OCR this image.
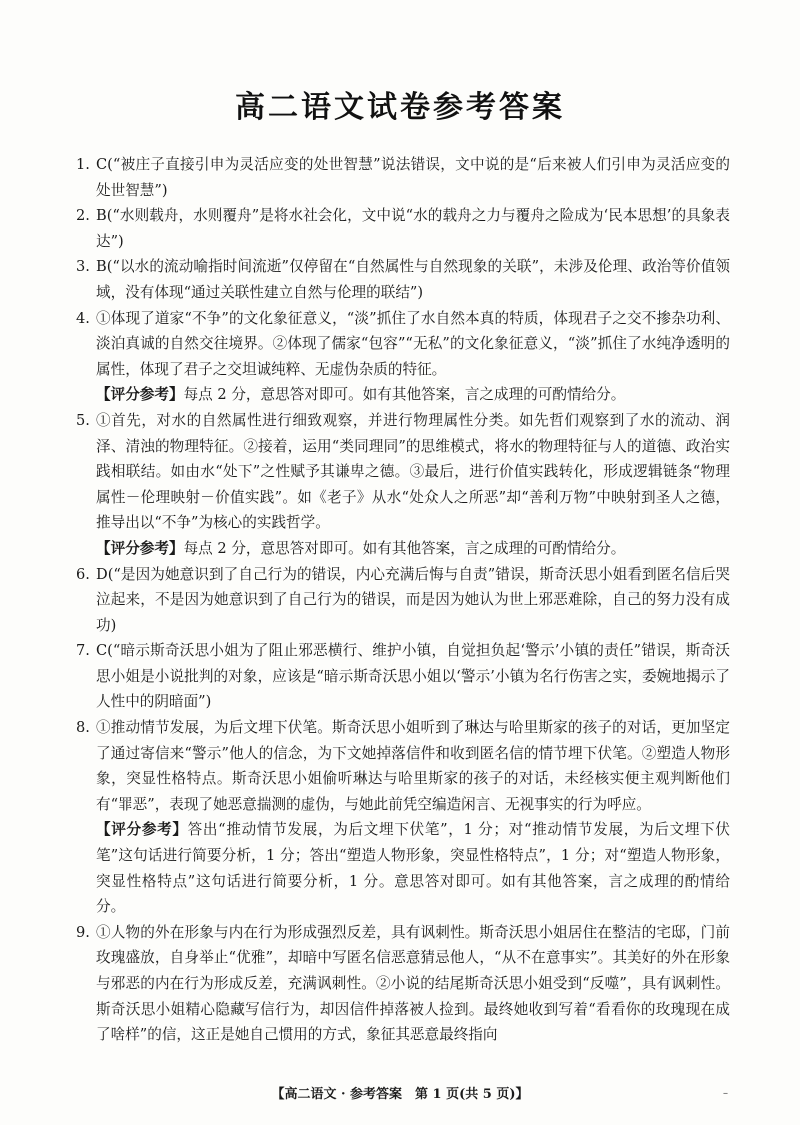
高二语文试卷参考答案
1. C(“被庄子直接引申为灵活应变的处世智慧”说法错误，文中说的是“后来被人们引申为灵活应变的处世智慧”)
2. B(“水则载舟，水则覆舟”是将水社会化，文中说“水的载舟之力与覆舟之险成为‘民本思想’的具象表达”)
3. B(“以水的流动喻指时间流逝”仅停留在“自然属性与自然现象的关联”，未涉及伦理、政治等价值领域，没有体现“通过关联性建立自然与伦理的联结”)
4. ①体现了道家“不争”的文化象征意义，“淡”抓住了水自然本真的特质，体现君子之交不掺杂功利、淡泊真诚的自然交往境界。②体现了儒家“包容”“无私”的文化象征意义，“淡”抓住了水纯净透明的属性，体现了君子之交坦诚纯粹、无虚伪杂质的特征。
【评分参考】每点 2 分，意思答对即可。如有其他答案，言之成理的可酌情给分。
5. ①首先，对水的自然属性进行细致观察，并进行物理属性分类。如先哲们观察到了水的流动、润泽、清浊的物理特征。②接着，运用“类同理同”的思维模式，将水的物理特征与人的道德、政治实践相联结。如由水“处下”之性赋予其谦卑之德。③最后，进行价值实践转化，形成逻辑链条“物理属性－伦理映射－价值实践”。如《老子》从水“处众人之所恶”却“善利万物”中映射到圣人之德，推导出以“不争”为核心的实践哲学。
【评分参考】每点 2 分，意思答对即可。如有其他答案，言之成理的可酌情给分。
6. D(“是因为她意识到了自己行为的错误，内心充满后悔与自责”错误，斯奇沃思小姐看到匿名信后哭泣起来，不是因为她意识到了自己行为的错误，而是因为她认为世上邪恶难除，自己的努力没有成功)
7. C(“暗示斯奇沃思小姐为了阻止邪恶横行、维护小镇，自觉担负起‘警示’小镇的责任”错误，斯奇沃思小姐是小说批判的对象，应该是“暗示斯奇沃思小姐以‘警示’小镇为名行伤害之实，委婉地揭示了人性中的阴暗面”)
8. ①推动情节发展，为后文埋下伏笔。斯奇沃思小姐听到了琳达与哈里斯家的孩子的对话，更加坚定了通过寄信来“警示”他人的信念，为下文她掉落信件和收到匿名信的情节埋下伏笔。②塑造人物形象，突显性格特点。斯奇沃思小姐偷听琳达与哈里斯家的孩子的对话，未经核实便主观判断他们有“罪恶”，表现了她恶意揣测的虚伪，与她此前凭空编造闲言、无视事实的行为呼应。
【评分参考】答出“推动情节发展，为后文埋下伏笔”，1 分；对“推动情节发展，为后文埋下伏笔”这句话进行简要分析，1 分；答出“塑造人物形象，突显性格特点”，1 分；对“塑造人物形象，突显性格特点”这句话进行简要分析，1 分。意思答对即可。如有其他答案，言之成理的酌情给分。
9. ①人物的外在形象与内在行为形成强烈反差，具有讽刺性。斯奇沃思小姐居住在整洁的宅邸，门前玫瑰盛放，自身举止“优雅”，却暗中写匿名信恶意猜忌他人，“从不在意事实”。其美好的外在形象与邪恶的内在行为形成反差，充满讽刺性。②小说的结尾斯奇沃思小姐受到“反噬”，具有讽刺性。斯奇沃思小姐精心隐藏写信行为，却因信件掉落被人捡到。最终她收到写着“看看你的玫瑰现在成了啥样”的信，这正是她自己惯用的方式，象征其恶意最终指向
【高二语文 · 参考答案　第 1 页(共 5 页)】	–
